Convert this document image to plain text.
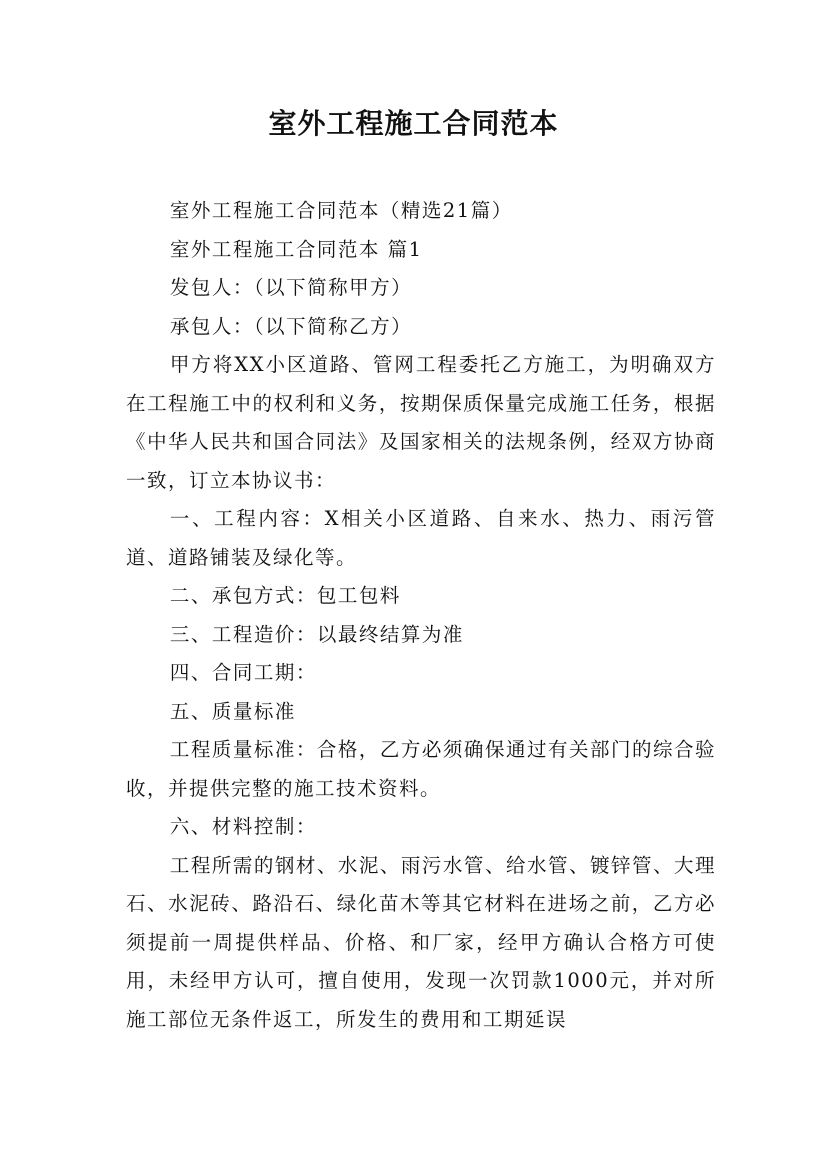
室外工程施工合同范本

室外工程施工合同范本（精选21篇）

室外工程施工合同范本 篇1

发包人：（以下简称甲方）

承包人：（以下简称乙方）

甲方将XX小区道路、管网工程委托乙方施工，为明确双方在工程施工中的权利和义务，按期保质保量完成施工任务，根据《中华人民共和国合同法》及国家相关的法规条例，经双方协商一致，订立本协议书：

一、工程内容：X相关小区道路、自来水、热力、雨污管道、道路铺装及绿化等。

二、承包方式：包工包料

三、工程造价：以最终结算为准

四、合同工期：

五、质量标准

工程质量标准：合格，乙方必须确保通过有关部门的综合验收，并提供完整的施工技术资料。

六、材料控制：

工程所需的钢材、水泥、雨污水管、给水管、镀锌管、大理石、水泥砖、路沿石、绿化苗木等其它材料在进场之前，乙方必须提前一周提供样品、价格、和厂家，经甲方确认合格方可使用，未经甲方认可，擅自使用，发现一次罚款1000元，并对所施工部位无条件返工，所发生的费用和工期延误
